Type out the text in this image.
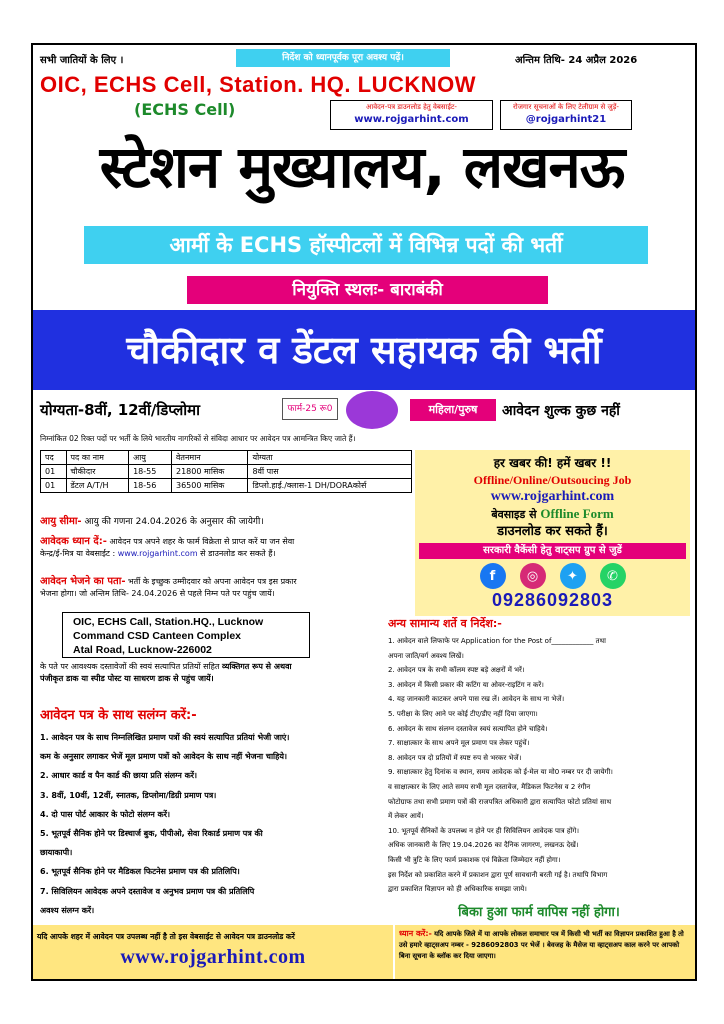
सभी जातियों के लिए ।	निर्देश को ध्यानपूर्वक पूरा अवश्य पढ़ें।	अन्तिम तिथि- 24 अप्रैल 2026
OIC, ECHS Cell, Station. HQ. LUCKNOW
(ECHS Cell)	आवेदन-पत्र डाउनलोड हेतु वेबसाईट-
www.rojgarhint.com
रोजगार सूचनाओं के लिए टेलीग्राम से जुड़ें-
@rojgarhint21
स्टेशन मुख्यालय, लखनऊ
आर्मी के ECHS हॉस्पीटलों में विभिन्न पदों की भर्ती
नियुक्ति स्थलः- बाराबंकी
चौकीदार व डेंटल सहायक की भर्ती
योग्यता-8वीं, 12वीं/डिप्लोमा	फार्म-25 रू0	महिला/पुरुष	आवेदन शुल्क कुछ नहीं
निम्नांकित 02 रिक्त पदों पर भर्ती के लिये भारतीय नागरिकों से संविदा आधार पर आवेदन पत्र आमन्त्रित किए जाते हैं।
पद	पद का नाम	आयु	वेतनमान	योग्यता
01	चौकीदार	18-55	21800 मासिक	8वीं पास
01	डेंटल A/T/H	18-56	36500 मासिक	डिप्लो.हाई./क्लास-1 DH/DORAकोर्स
हर खबर की! हमें खबर !!
Offline/Online/Outsoucing Job
www.rojgarhint.com
बेवसाइड से Offline Form
डाउनलोड कर सकते हैं।
सरकारी वैकेंसी हेतु वाट्सप ग्रुप से जुडें
f	◎	✦	✆
09286092803
आयु सीमा- आयु की गणना 24.04.2026 के अनुसार की जायेगी।
आवेदक ध्यान दें:- आवेदन पत्र अपने शहर के फार्म विक्रेता से प्राप्त करें या जन सेवा
केन्द्र/ई-मित्र या वेबसाईट : www.rojgarhint.com से डाउनलोड कर सकते हैं।
आवेदन भेजने का पता- भर्ती के इच्छुक उम्मीदवार को अपना आवेदन पत्र इस प्रकार
भेजना होगा। जो अन्तिम तिथि- 24.04.2026 से पहले निम्न पते पर पहुंच जायें।
OIC, ECHS Call, Station.HQ., Lucknow
Command CSD Canteen Complex
Atal Road, Lucknow-226002
के पते पर आवश्यक दस्तावेजों की स्वयं सत्यापित प्रतियों सहित व्यक्तिगत रूप से अथवा
पंजीकृत डाक या स्पीड पोस्ट या साधरण डाक से पहुंच जायें।
आवेदन पत्र के साथ सलंग्न करें:-
1. आवेदन पत्र के साथ निम्नलिखित प्रमाण पत्रों की स्वयं सत्यापित प्रतियां भेजी जाएं।
कम के अनुसार लगाकर भेजें मूल प्रमाण पत्रों को आवेदन के साथ नहीं भेजना चाहिये।
2. आधार कार्ड व पैन कार्ड की छाया प्रति संलग्न करें।
3. 8वीं, 10वीं, 12वीं, स्नातक, डिप्लोमा/डिग्री प्रमाण पत्र।
4. दो पास पोर्ट आकार के फोटो संलग्न करें।
5. भूतपूर्व सैनिक होने पर डिस्चार्ज बुक, पीपीओ, सेवा रिकार्ड प्रमाण पत्र की
छायाकापी।
6. भूतपूर्व सैनिक होने पर मैडिकल फिटनेस प्रमाण पत्र की प्रतिलिपि।
7. सिविलियन आवेदक अपने दस्तावेज व अनुभव प्रमाण पत्र की प्रतिलिपि
अवश्य संलग्न करें।
अन्य सामान्य शर्ते व निर्देश:-
1. आवेदन वाले लिफाफे पर Application for the Post of____________ तथा
अपना जाति/वर्ग अवश्य लिखें।
2. आवेदन पत्र के सभी कॉलम स्पष्ट बड़े अक्षरों में भरें।
3. आवेदन में किसी प्रकार की कटिंग या ओवर-राइटिंग न करें।
4. यह जानकारी काटकर अपने पास रख लें। आवेदन के साथ ना भेजें।
5. परीक्षा के लिए आने पर कोई टीए/डीए नहीं दिया जाएगा।
6. आवेदन के साथ संलग्न दस्तावेज स्वयं सत्यापित होने चाहिये।
7. साक्षात्कार के साथ अपने मूल प्रमाण पत्र लेकर पहुंचें।
8. आवेदन पत्र दो प्रतियों में स्पष्ट रुप से भरकर भेजें।
9. साक्षात्कार हेतु दिनांक व स्थान, समय आवेदक को ई-मेल या मो0 नम्बर पर दी जायेगी।
व साक्षात्कार के लिए आते समय सभी मूल दस्तावेज, मैडिकल फिटनेस व 2 रंगीन
फोटोग्राफ तथा सभी प्रमाण पत्रों की राजपत्रित अधिकारी द्वारा सत्यापित फोटो प्रतियां साथ
में लेकर आयें।
10. भूतपूर्व सैनिकों के उपलब्ध न होने पर ही सिविलियन आवेदक पात्र होंगे।
अधिक जानकारी के लिए 19.04.2026 का दैनिक जागरण, लखनऊ देखें।
किसी भी त्रुटि के लिए फार्म प्रकाशक एवं विक्रेता जिम्मेदार नहीं होगा।
इस निर्देश को प्रकाशित करने में प्रकाशन द्वारा पूर्ण सावधानी बरती गई है। तथापि विभाग
द्वारा प्रकाशित विज्ञापन को ही अधिकारिक समझा जाये।
बिका हुआ फार्म वापिस नहीं होगा।
यदि आपके शहर में आवेदन पत्र उपलब्ध नहीं है तो इस वेबसाईट से आवेदन पत्र डाउनलोड करें
www.rojgarhint.com
ध्यान करें:- यदि आपके जिले में या आपके लोकल समाचार पत्र में किसी भी भर्ती का विज्ञापन प्रकाशित हुआ है तो उसे हमारे व्हाट्सअप नम्बर - 9286092803 पर भेजें । बेवजह के मैसेज या व्हाट्सअप काल करने पर आपको बिना सूचना के ब्लॉक कर दिया जाएगा।
